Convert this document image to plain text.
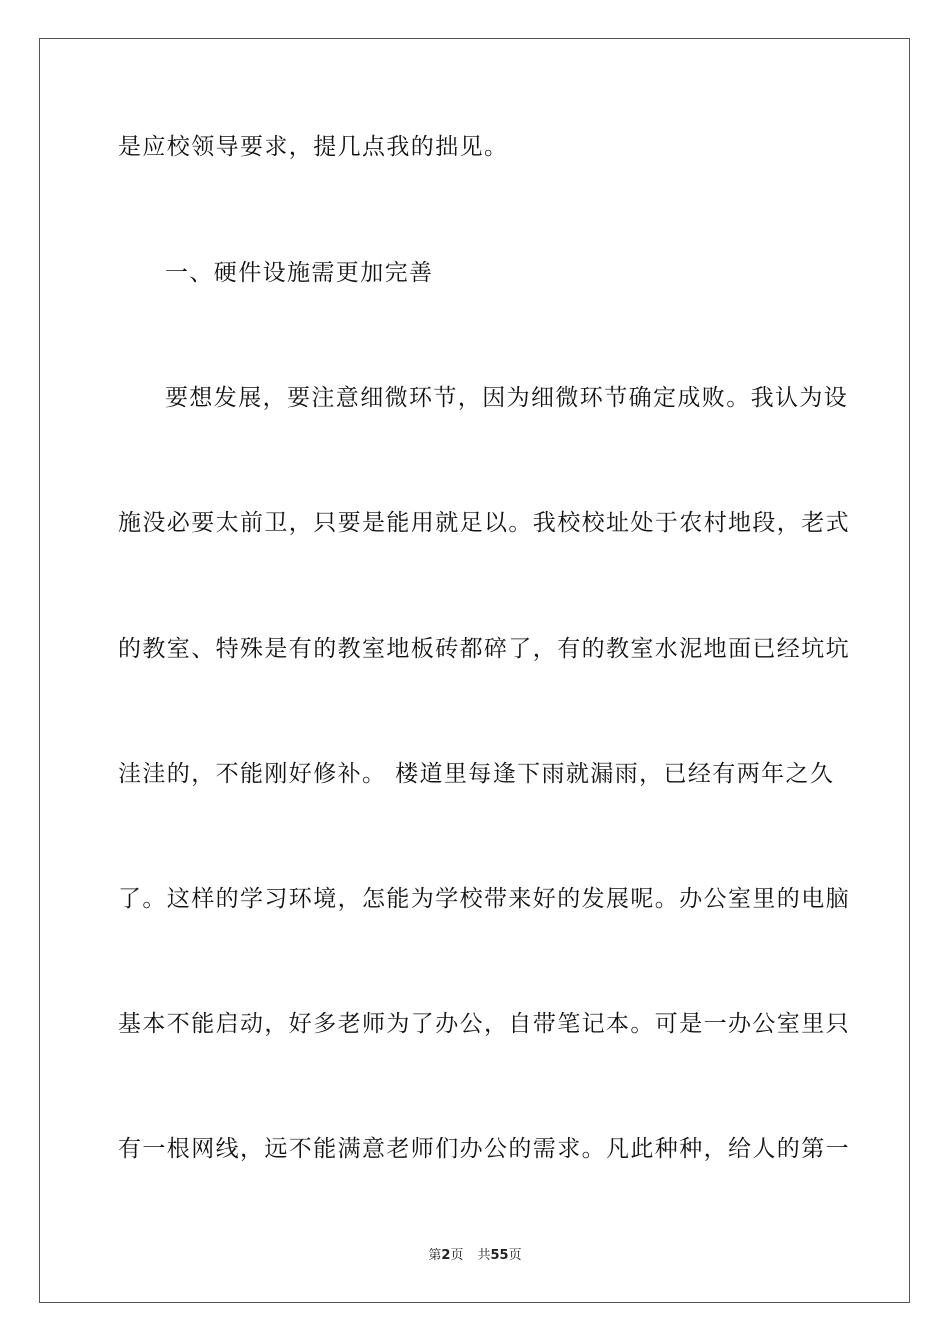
是应校领导要求，提几点我的拙见。
一、硬件设施需更加完善
要想发展，要注意细微环节，因为细微环节确定成败。我认为设
施没必要太前卫，只要是能用就足以。我校校址处于农村地段，老式
的教室、特殊是有的教室地板砖都碎了，有的教室水泥地面已经坑坑
洼洼的，不能刚好修补。 楼道里每逢下雨就漏雨，已经有两年之久
了。这样的学习环境，怎能为学校带来好的发展呢。办公室里的电脑
基本不能启动，好多老师为了办公，自带笔记本。可是一办公室里只
有一根网线，远不能满意老师们办公的需求。凡此种种，给人的第一
第2页 共55页
